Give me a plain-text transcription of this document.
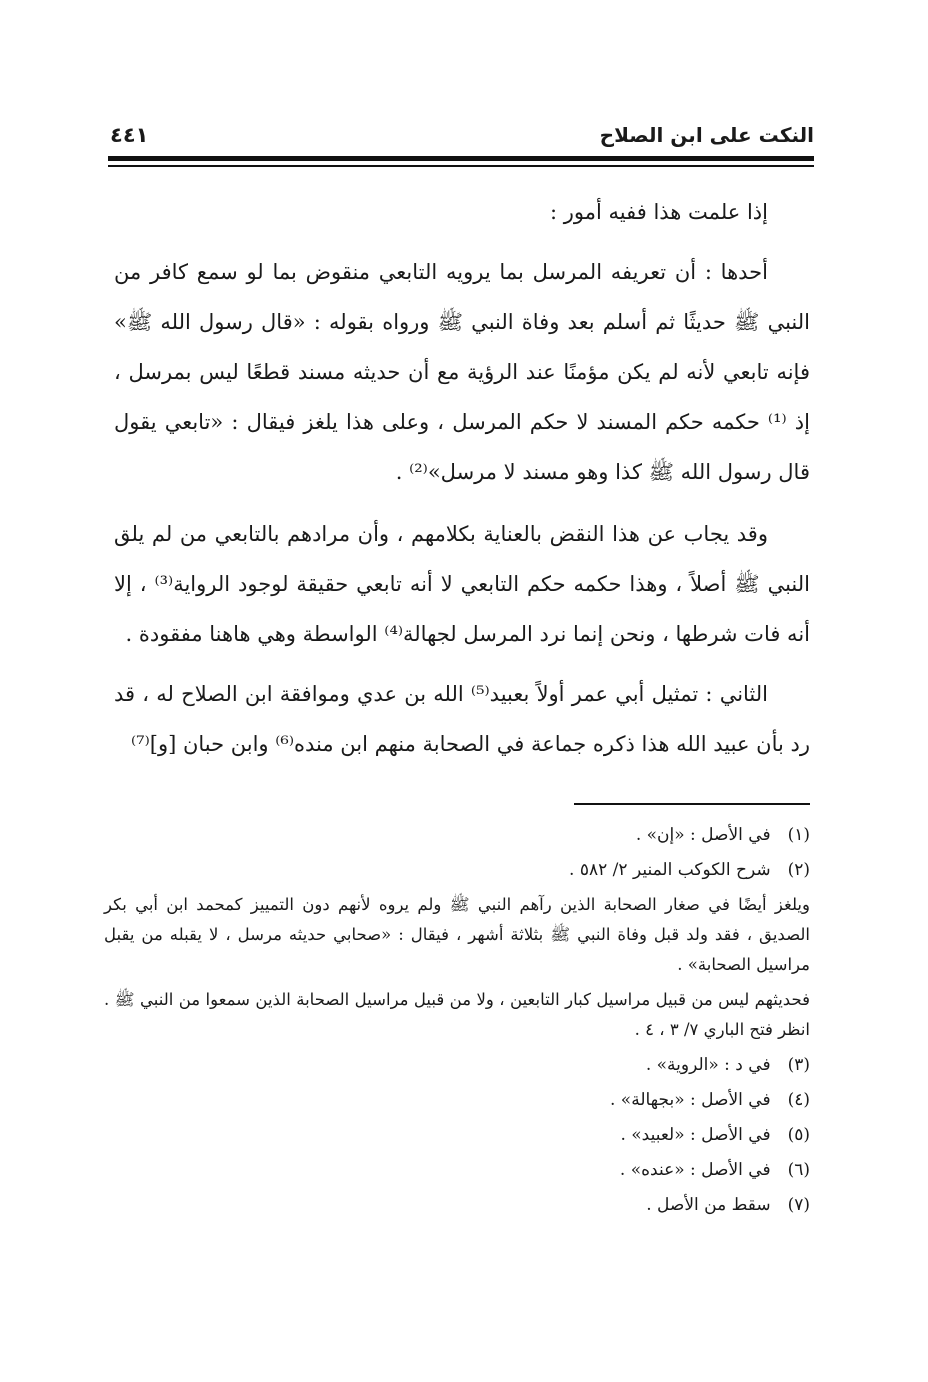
النكت على ابن الصلاح
٤٤١

إذا علمت هذا ففيه أمور :

أحدها : أن تعريفه المرسل بما يرويه التابعي منقوض بما لو سمع كافر من النبي ﷺ حديثًا ثم أسلم بعد وفاة النبي ﷺ ورواه بقوله : «قال رسول الله ﷺ» فإنه تابعي لأنه لم يكن مؤمنًا عند الرؤية مع أن حديثه مسند قطعًا ليس بمرسل ، إذ ⁽¹⁾ حكمه حكم المسند لا حكم المرسل ، وعلى هذا يلغز فيقال : «تابعي يقول قال رسول الله ﷺ كذا وهو مسند لا مرسل»⁽²⁾ .

وقد يجاب عن هذا النقض بالعناية بكلامهم ، وأن مرادهم بالتابعي من لم يلق النبي ﷺ أصلاً ، وهذا حكمه حكم التابعي لا أنه تابعي حقيقة لوجود الرواية⁽³⁾ ، إلا أنه فات شرطها ، ونحن إنما نرد المرسل لجهالة⁽⁴⁾ الواسطة وهي هاهنا مفقودة .

الثاني : تمثيل أبي عمر أولاً بعبيد⁽⁵⁾ الله بن عدي وموافقة ابن الصلاح له ، قد رد بأن عبيد الله هذا ذكره جماعة في الصحابة منهم ابن منده⁽⁶⁾ وابن حبان [و]⁽⁷⁾

(١) في الأصل : «إن» .
(٢) شرح الكوكب المنير ٢/ ٥٨٢ .

ويلغز أيضًا في صغار الصحابة الذين رآهم النبي ﷺ ولم يروه لأنهم دون التمييز كمحمد ابن أبي بكر الصديق ، فقد ولد قبل وفاة النبي ﷺ بثلاثة أشهر ، فيقال : «صحابي حديثه مرسل ، لا يقبله من يقبل مراسيل الصحابة» .

فحديثهم ليس من قبيل مراسيل كبار التابعين ، ولا من قبيل مراسيل الصحابة الذين سمعوا من النبي ﷺ . انظر فتح الباري ٧/ ٣ ، ٤ .

(٣) في د : «الروية» .
(٤) في الأصل : «بجهالة» .
(٥) في الأصل : «لعبيد» .
(٦) في الأصل : «عنده» .
(٧) سقط من الأصل .
